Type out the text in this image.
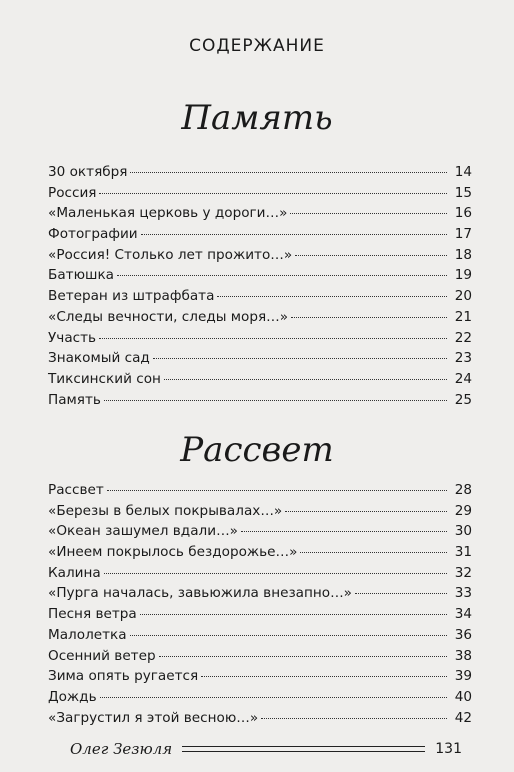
СОДЕРЖАНИЕ
Память
30 октября	14
Россия	15
«Маленькая церковь у дороги…»	16
Фотографии	17
«Россия! Столько лет прожито…»	18
Батюшка	19
Ветеран из штрафбата	20
«Следы вечности, следы моря…»	21
Участь	22
Знакомый сад	23
Тиксинский сон	24
Память	25
Рассвет
Рассвет	28
«Березы в белых покрывалах…»	29
«Океан зашумел вдали…»	30
«Инеем покрылось бездорожье…»	31
Калина	32
«Пурга началась, завьюжила внезапно…»	33
Песня ветра	34
Малолетка	36
Осенний ветер	38
Зима опять ругается	39
Дождь	40
«Загрустил я этой весною…»	42
Олег Зезюля	131
